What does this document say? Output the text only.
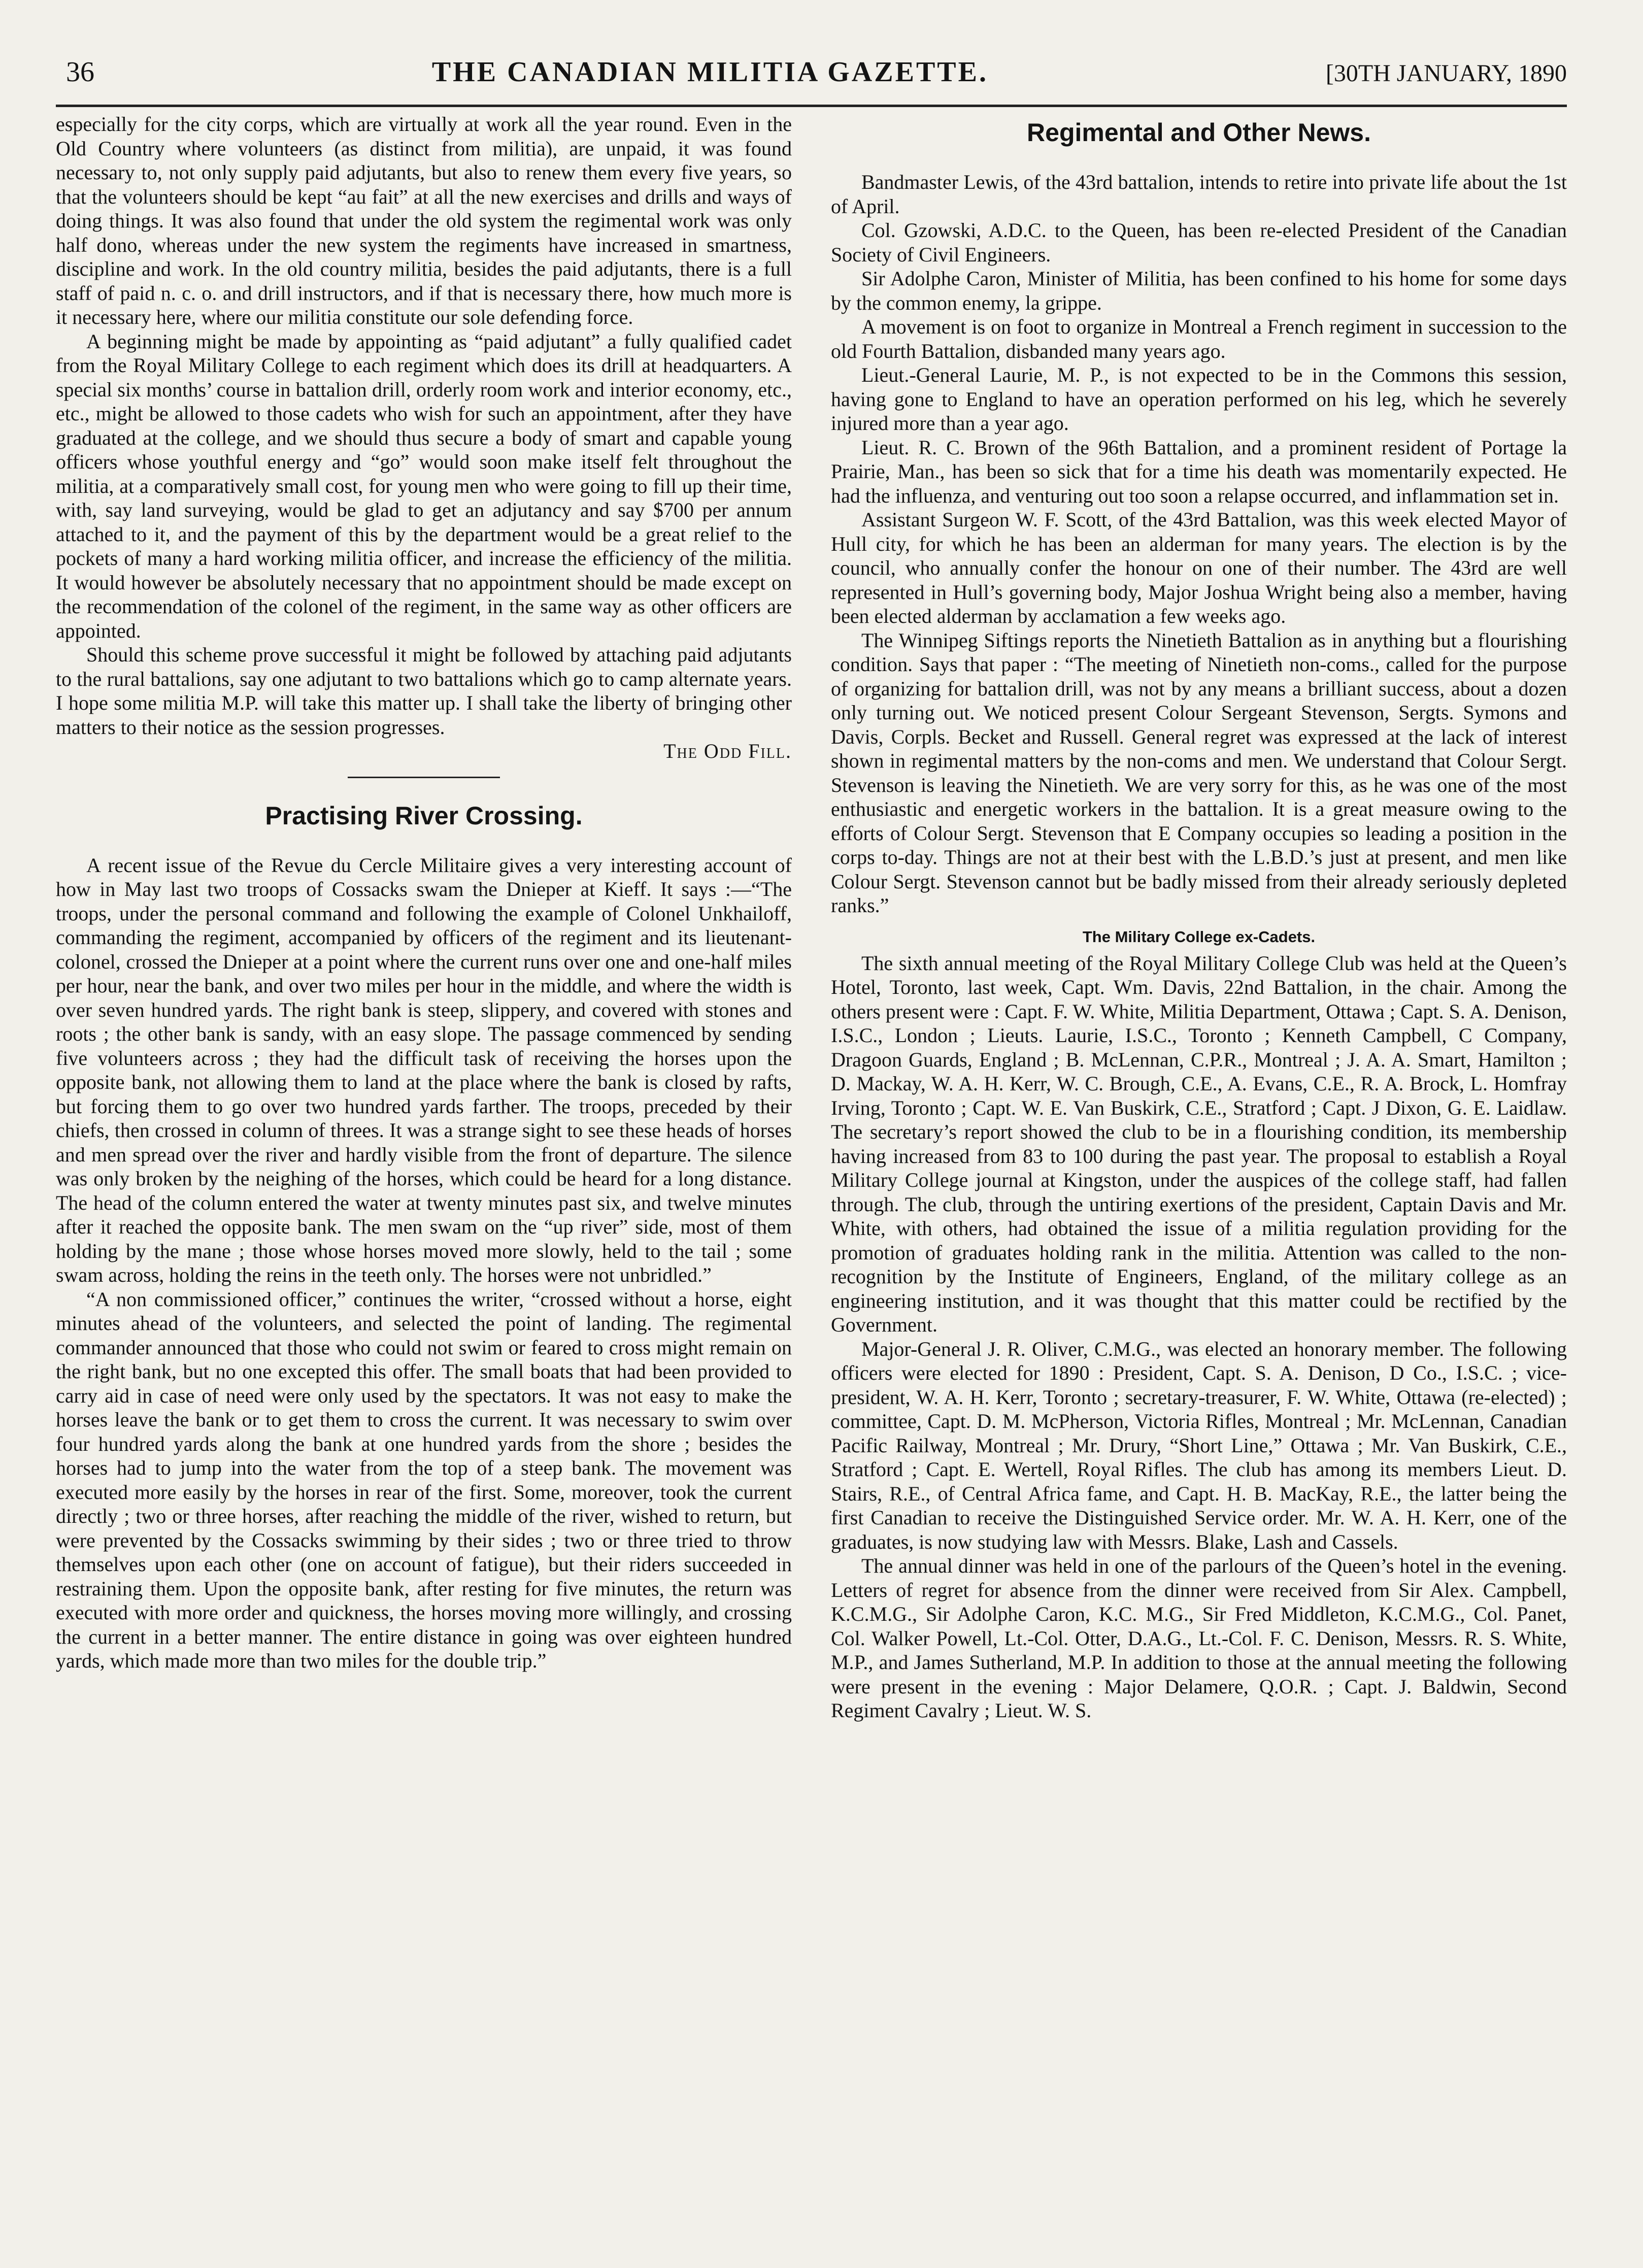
36	THE CANADIAN MILITIA GAZETTE.	[30TH JANUARY, 1890

especially for the city corps, which are virtually at work all the year round. Even in the Old Country where volunteers (as distinct from militia), are unpaid, it was found necessary to, not only supply paid adjutants, but also to renew them every five years, so that the volunteers should be kept “au fait” at all the new exercises and drills and ways of doing things. It was also found that under the old system the regimental work was only half dono, whereas under the new system the regiments have increased in smartness, discipline and work. In the old country militia, besides the paid adjutants, there is a full staff of paid n. c. o. and drill instructors, and if that is necessary there, how much more is it necessary here, where our militia constitute our sole defending force.

A beginning might be made by appointing as “paid adjutant” a fully qualified cadet from the Royal Military College to each regiment which does its drill at headquarters. A special six months’ course in battalion drill, orderly room work and interior economy, etc., etc., might be allowed to those cadets who wish for such an appointment, after they have graduated at the college, and we should thus secure a body of smart and capable young officers whose youthful energy and “go” would soon make itself felt throughout the militia, at a comparatively small cost, for young men who were going to fill up their time, with, say land surveying, would be glad to get an adjutancy and say $700 per annum attached to it, and the payment of this by the department would be a great relief to the pockets of many a hard working militia officer, and increase the efficiency of the militia. It would however be absolutely necessary that no appointment should be made except on the recommendation of the colonel of the regiment, in the same way as other officers are appointed.

Should this scheme prove successful it might be followed by attaching paid adjutants to the rural battalions, say one adjutant to two battalions which go to camp alternate years. I hope some militia M.P. will take this matter up. I shall take the liberty of bringing other matters to their notice as the session progresses.

The Odd Fill.

Practising River Crossing.

A recent issue of the Revue du Cercle Militaire gives a very interesting account of how in May last two troops of Cossacks swam the Dnieper at Kieff. It says :—“The troops, under the personal command and following the example of Colonel Unkhailoff, commanding the regiment, accompanied by officers of the regiment and its lieutenant-colonel, crossed the Dnieper at a point where the current runs over one and one-half miles per hour, near the bank, and over two miles per hour in the middle, and where the width is over seven hundred yards. The right bank is steep, slippery, and covered with stones and roots ; the other bank is sandy, with an easy slope. The passage commenced by sending five volunteers across ; they had the difficult task of receiving the horses upon the opposite bank, not allowing them to land at the place where the bank is closed by rafts, but forcing them to go over two hundred yards farther. The troops, preceded by their chiefs, then crossed in column of threes. It was a strange sight to see these heads of horses and men spread over the river and hardly visible from the front of departure. The silence was only broken by the neighing of the horses, which could be heard for a long distance. The head of the column entered the water at twenty minutes past six, and twelve minutes after it reached the opposite bank. The men swam on the “up river” side, most of them holding by the mane ; those whose horses moved more slowly, held to the tail ; some swam across, holding the reins in the teeth only. The horses were not unbridled.”

“A non commissioned officer,” continues the writer, “crossed without a horse, eight minutes ahead of the volunteers, and selected the point of landing. The regimental commander announced that those who could not swim or feared to cross might remain on the right bank, but no one excepted this offer. The small boats that had been provided to carry aid in case of need were only used by the spectators. It was not easy to make the horses leave the bank or to get them to cross the current. It was necessary to swim over four hundred yards along the bank at one hundred yards from the shore ; besides the horses had to jump into the water from the top of a steep bank. The movement was executed more easily by the horses in rear of the first. Some, moreover, took the current directly ; two or three horses, after reaching the middle of the river, wished to return, but were prevented by the Cossacks swimming by their sides ; two or three tried to throw themselves upon each other (one on account of fatigue), but their riders succeeded in restraining them. Upon the opposite bank, after resting for five minutes, the return was executed with more order and quickness, the horses moving more willingly, and crossing the current in a better manner. The entire distance in going was over eighteen hundred yards, which made more than two miles for the double trip.”

Regimental and Other News.

Bandmaster Lewis, of the 43rd battalion, intends to retire into private life about the 1st of April.

Col. Gzowski, A.D.C. to the Queen, has been re-elected President of the Canadian Society of Civil Engineers.

Sir Adolphe Caron, Minister of Militia, has been confined to his home for some days by the common enemy, la grippe.

A movement is on foot to organize in Montreal a French regiment in succession to the old Fourth Battalion, disbanded many years ago.

Lieut.-General Laurie, M. P., is not expected to be in the Commons this session, having gone to England to have an operation performed on his leg, which he severely injured more than a year ago.

Lieut. R. C. Brown of the 96th Battalion, and a prominent resident of Portage la Prairie, Man., has been so sick that for a time his death was momentarily expected. He had the influenza, and venturing out too soon a relapse occurred, and inflammation set in.

Assistant Surgeon W. F. Scott, of the 43rd Battalion, was this week elected Mayor of Hull city, for which he has been an alderman for many years. The election is by the council, who annually confer the honour on one of their number. The 43rd are well represented in Hull’s governing body, Major Joshua Wright being also a member, having been elected alderman by acclamation a few weeks ago.

The Winnipeg Siftings reports the Ninetieth Battalion as in anything but a flourishing condition. Says that paper : “The meeting of Ninetieth non-coms., called for the purpose of organizing for battalion drill, was not by any means a brilliant success, about a dozen only turning out. We noticed present Colour Sergeant Stevenson, Sergts. Symons and Davis, Corpls. Becket and Russell. General regret was expressed at the lack of interest shown in regimental matters by the non-coms and men. We understand that Colour Sergt. Stevenson is leaving the Ninetieth. We are very sorry for this, as he was one of the most enthusiastic and energetic workers in the battalion. It is a great measure owing to the efforts of Colour Sergt. Stevenson that E Company occupies so leading a position in the corps to-day. Things are not at their best with the L.B.D.’s just at present, and men like Colour Sergt. Stevenson cannot but be badly missed from their already seriously depleted ranks.”

The Military College ex-Cadets.

The sixth annual meeting of the Royal Military College Club was held at the Queen’s Hotel, Toronto, last week, Capt. Wm. Davis, 22nd Battalion, in the chair. Among the others present were : Capt. F. W. White, Militia Department, Ottawa ; Capt. S. A. Denison, I.S.C., London ; Lieuts. Laurie, I.S.C., Toronto ; Kenneth Campbell, C Company, Dragoon Guards, England ; B. McLennan, C.P.R., Montreal ; J. A. A. Smart, Hamilton ; D. Mackay, W. A. H. Kerr, W. C. Brough, C.E., A. Evans, C.E., R. A. Brock, L. Homfray Irving, Toronto ; Capt. W. E. Van Buskirk, C.E., Stratford ; Capt. J Dixon, G. E. Laidlaw. The secretary’s report showed the club to be in a flourishing condition, its membership having increased from 83 to 100 during the past year. The proposal to establish a Royal Military College journal at Kingston, under the auspices of the college staff, had fallen through. The club, through the untiring exertions of the president, Captain Davis and Mr. White, with others, had obtained the issue of a militia regulation providing for the promotion of graduates holding rank in the militia. Attention was called to the non-recognition by the Institute of Engineers, England, of the military college as an engineering institution, and it was thought that this matter could be rectified by the Government.

Major-General J. R. Oliver, C.M.G., was elected an honorary member. The following officers were elected for 1890 : President, Capt. S. A. Denison, D Co., I.S.C. ; vice-president, W. A. H. Kerr, Toronto ; secretary-treasurer, F. W. White, Ottawa (re-elected) ; committee, Capt. D. M. McPherson, Victoria Rifles, Montreal ; Mr. McLennan, Canadian Pacific Railway, Montreal ; Mr. Drury, “Short Line,” Ottawa ; Mr. Van Buskirk, C.E., Stratford ; Capt. E. Wertell, Royal Rifles. The club has among its members Lieut. D. Stairs, R.E., of Central Africa fame, and Capt. H. B. MacKay, R.E., the latter being the first Canadian to receive the Distinguished Service order. Mr. W. A. H. Kerr, one of the graduates, is now studying law with Messrs. Blake, Lash and Cassels.

The annual dinner was held in one of the parlours of the Queen’s hotel in the evening. Letters of regret for absence from the dinner were received from Sir Alex. Campbell, K.C.M.G., Sir Adolphe Caron, K.C. M.G., Sir Fred Middleton, K.C.M.G., Col. Panet, Col. Walker Powell, Lt.-Col. Otter, D.A.G., Lt.-Col. F. C. Denison, Messrs. R. S. White, M.P., and James Sutherland, M.P. In addition to those at the annual meeting the following were present in the evening : Major Delamere, Q.O.R. ; Capt. J. Baldwin, Second Regiment Cavalry ; Lieut. W. S.
